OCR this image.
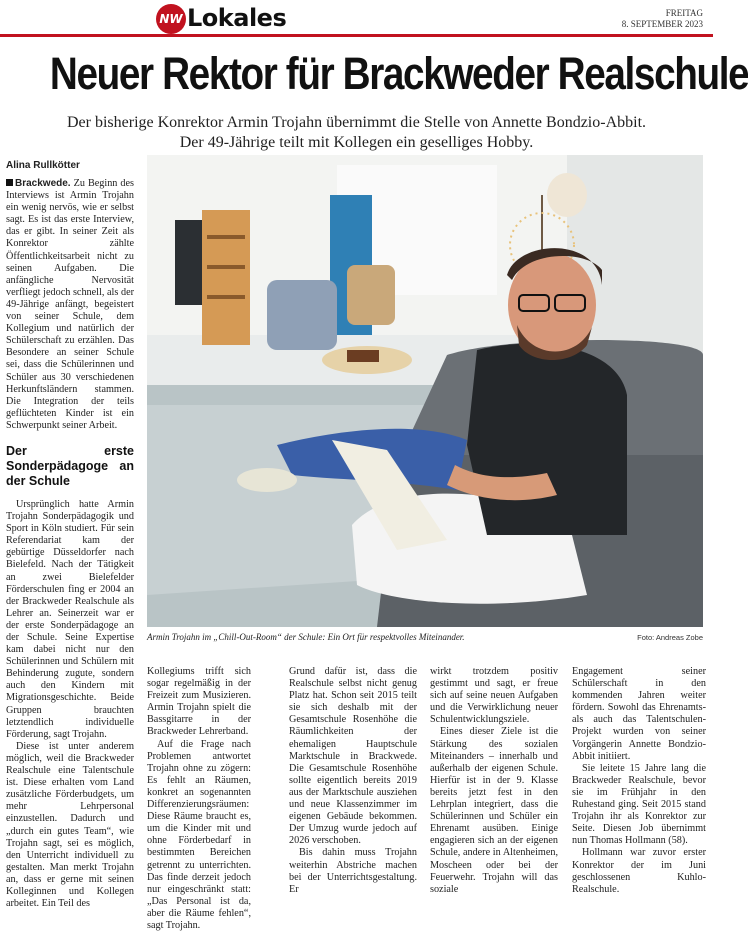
NW Lokales	FREITAG
8. SEPTEMBER 2023
Neuer Rektor für Brackweder Realschule
Der bisherige Konrektor Armin Trojahn übernimmt die Stelle von Annette Bondzio-Abbit.
Der 49-Jährige teilt mit Kollegen ein geselliges Hobby.
Alina Rullkötter

Brackwede. Zu Beginn des Interviews ist Armin Trojahn ein wenig nervös, wie er selbst sagt. Es ist das erste Interview, das er gibt. In seiner Zeit als Konrektor zählte Öffentlichkeitsarbeit nicht zu seinen Aufgaben. Die anfängliche Nervosität verfliegt jedoch schnell, als der 49-Jährige anfängt, begeistert von seiner Schule, dem Kollegium und natürlich der Schülerschaft zu erzählen. Das Besondere an seiner Schule sei, dass die Schülerinnen und Schüler aus 30 verschiedenen Herkunftsländern stammen. Die Integration der teils geflüchteten Kinder ist ein Schwerpunkt seiner Arbeit.

Der erste Sonderpädagoge an der Schule

Ursprünglich hatte Armin Trojahn Sonderpädagogik und Sport in Köln studiert. Für sein Referendariat kam der gebürtige Düsseldorfer nach Bielefeld. Nach der Tätigkeit an zwei Bielefelder Förderschulen fing er 2004 an der Brackweder Realschule als Lehrer an. Seinerzeit war er der erste Sonderpädagoge an der Schule. Seine Expertise kam dabei nicht nur den Schülerinnen und Schülern mit Behinderung zugute, sondern auch den Kindern mit Migrationsgeschichte. Beide Gruppen brauchten letztendlich individuelle Förderung, sagt Trojahn.

Diese ist unter anderem möglich, weil die Brackweder Realschule eine Talentschule ist. Diese erhalten vom Land zusätzliche Förderbudgets, um mehr Lehrpersonal einzustellen. Dadurch und „durch ein gutes Team“, wie Trojahn sagt, sei es möglich, den Unterricht individuell zu gestalten. Man merkt Trojahn an, dass er gerne mit seinen Kolleginnen und Kollegen arbeitet. Ein Teil des

Armin Trojahn im „Chill-Out-Room“ der Schule: Ein Ort für respektvolles Miteinander.	Foto: Andreas Zobe

Kollegiums trifft sich sogar regelmäßig in der Freizeit zum Musizieren. Armin Trojahn spielt die Bassgitarre in der Brackweder Lehrerband.

Auf die Frage nach Problemen antwortet Trojahn ohne zu zögern: Es fehlt an Räumen, konkret an sogenannten Differenzierungsräumen: Diese Räume braucht es, um die Kinder mit und ohne Förderbedarf in bestimmten Bereichen getrennt zu unterrichten. Das finde derzeit jedoch nur eingeschränkt statt: „Das Personal ist da, aber die Räume fehlen“, sagt Trojahn.

Grund dafür ist, dass die Realschule selbst nicht genug Platz hat. Schon seit 2015 teilt sie sich deshalb mit der Gesamtschule Rosenhöhe die Räumlichkeiten der ehemaligen Hauptschule Marktschule in Brackwede. Die Gesamtschule Rosenhöhe sollte eigentlich bereits 2019 aus der Marktschule ausziehen und neue Klassenzimmer im eigenen Gebäude bekommen. Der Umzug wurde jedoch auf 2026 verschoben.

Bis dahin muss Trojahn weiterhin Abstriche machen bei der Unterrichtsgestaltung. Er

wirkt trotzdem positiv gestimmt und sagt, er freue sich auf seine neuen Aufgaben und die Verwirklichung neuer Schulentwicklungsziele.

Eines dieser Ziele ist die Stärkung des sozialen Miteinanders – innerhalb und außerhalb der eigenen Schule. Hierfür ist in der 9. Klasse bereits jetzt fest in den Lehrplan integriert, dass die Schülerinnen und Schüler ein Ehrenamt ausüben. Einige engagieren sich an der eigenen Schule, andere in Altenheimen, Moscheen oder bei der Feuerwehr. Trojahn will das soziale

Engagement seiner Schülerschaft in den kommenden Jahren weiter fördern. Sowohl das Ehrenamts- als auch das Talentschulen-Projekt wurden von seiner Vorgängerin Annette Bondzio-Abbit initiiert.

Sie leitete 15 Jahre lang die Brackweder Realschule, bevor sie im Frühjahr in den Ruhestand ging. Seit 2015 stand Trojahn ihr als Konrektor zur Seite. Diesen Job übernimmt nun Thomas Hollmann (58).

Hollmann war zuvor erster Konrektor der im Juni geschlossenen Kuhlo-Realschule.
